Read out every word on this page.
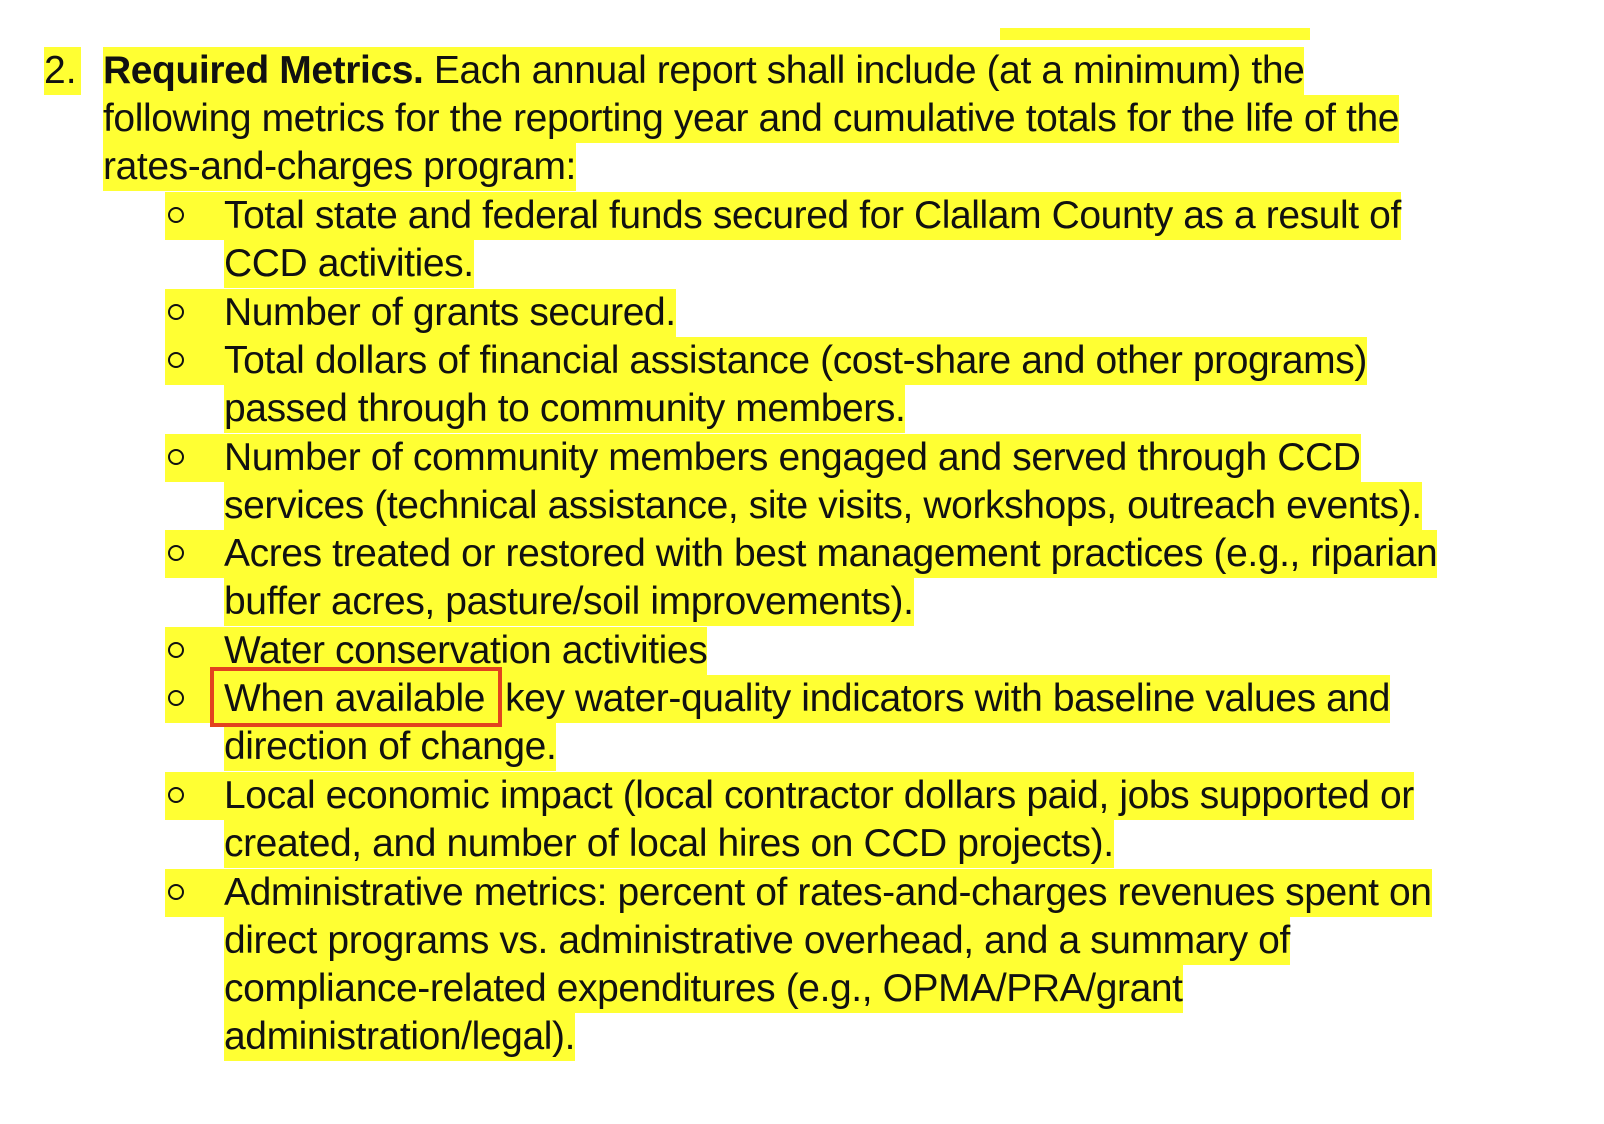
2. Required Metrics. Each annual report shall include (at a minimum) the
following metrics for the reporting year and cumulative totals for the life of the
rates-and-charges program:
Total state and federal funds secured for Clallam County as a result of
CCD activities.
Number of grants secured.
Total dollars of financial assistance (cost-share and other programs)
passed through to community members.
Number of community members engaged and served through CCD
services (technical assistance, site visits, workshops, outreach events).
Acres treated or restored with best management practices (e.g., riparian
buffer acres, pasture/soil improvements).
Water conservation activities
When available key water-quality indicators with baseline values and
direction of change.
Local economic impact (local contractor dollars paid, jobs supported or
created, and number of local hires on CCD projects).
Administrative metrics: percent of rates-and-charges revenues spent on
direct programs vs. administrative overhead, and a summary of
compliance-related expenditures (e.g., OPMA/PRA/grant
administration/legal).
